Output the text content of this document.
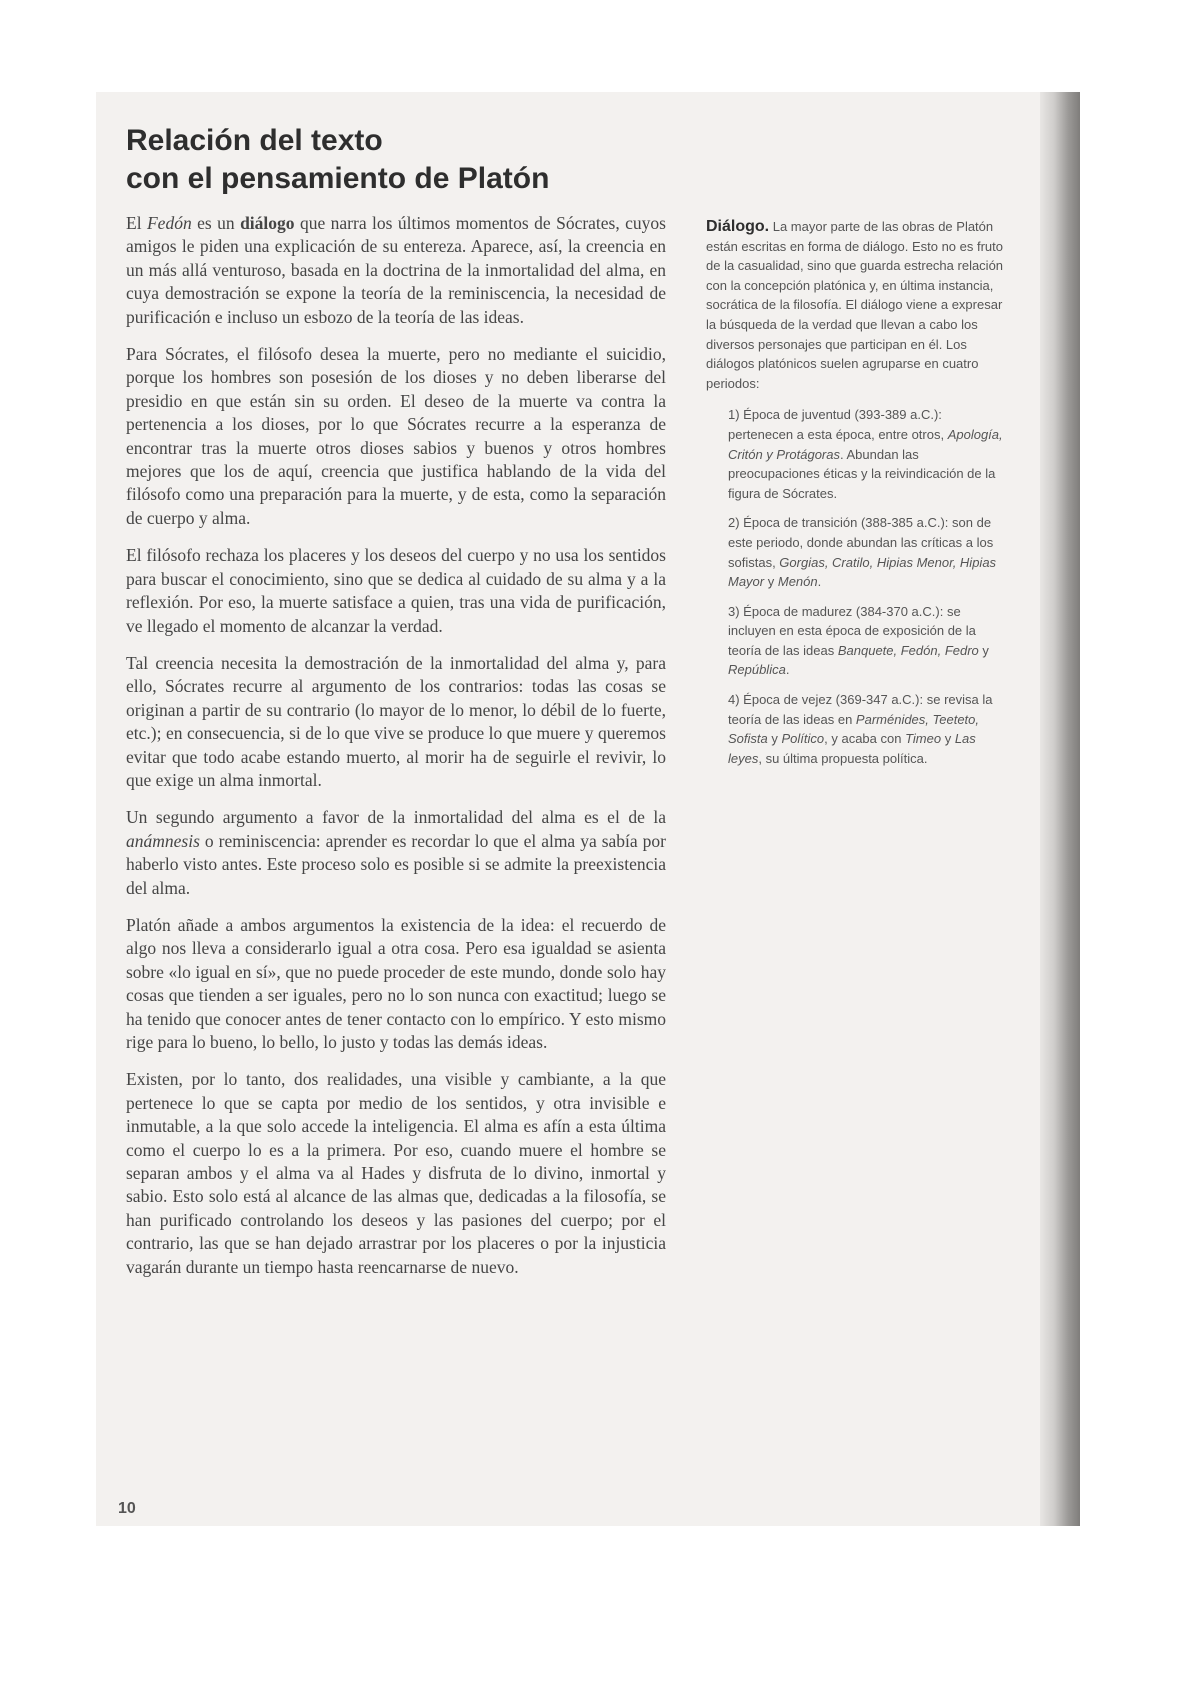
Relación del texto
con el pensamiento de Platón

El Fedón es un diálogo que narra los últimos momentos de Sócrates, cuyos amigos le piden una explicación de su entereza. Aparece, así, la creencia en un más allá venturoso, basada en la doctrina de la inmortalidad del alma, en cuya demostración se expone la teoría de la reminiscencia, la necesidad de purificación e incluso un esbozo de la teoría de las ideas.

Para Sócrates, el filósofo desea la muerte, pero no mediante el suicidio, porque los hombres son posesión de los dioses y no deben liberarse del presidio en que están sin su orden. El deseo de la muerte va contra la pertenencia a los dioses, por lo que Sócrates recurre a la esperanza de encontrar tras la muerte otros dioses sabios y buenos y otros hombres mejores que los de aquí, creencia que justifica hablando de la vida del filósofo como una preparación para la muerte, y de esta, como la separación de cuerpo y alma.

El filósofo rechaza los placeres y los deseos del cuerpo y no usa los sentidos para buscar el conocimiento, sino que se dedica al cuidado de su alma y a la reflexión. Por eso, la muerte satisface a quien, tras una vida de purificación, ve llegado el momento de alcanzar la verdad.

Tal creencia necesita la demostración de la inmortalidad del alma y, para ello, Sócrates recurre al argumento de los contrarios: todas las cosas se originan a partir de su contrario (lo mayor de lo menor, lo débil de lo fuerte, etc.); en consecuencia, si de lo que vive se produce lo que muere y queremos evitar que todo acabe estando muerto, al morir ha de seguirle el revivir, lo que exige un alma inmortal.

Un segundo argumento a favor de la inmortalidad del alma es el de la anámnesis o reminiscencia: aprender es recordar lo que el alma ya sabía por haberlo visto antes. Este proceso solo es posible si se admite la preexistencia del alma.

Platón añade a ambos argumentos la existencia de la idea: el recuerdo de algo nos lleva a considerarlo igual a otra cosa. Pero esa igualdad se asienta sobre «lo igual en sí», que no puede proceder de este mundo, donde solo hay cosas que tienden a ser iguales, pero no lo son nunca con exactitud; luego se ha tenido que conocer antes de tener contacto con lo empírico. Y esto mismo rige para lo bueno, lo bello, lo justo y todas las demás ideas.

Existen, por lo tanto, dos realidades, una visible y cambiante, a la que pertenece lo que se capta por medio de los sentidos, y otra invisible e inmutable, a la que solo accede la inteligencia. El alma es afín a esta última como el cuerpo lo es a la primera. Por eso, cuando muere el hombre se separan ambos y el alma va al Hades y disfruta de lo divino, inmortal y sabio. Esto solo está al alcance de las almas que, dedicadas a la filosofía, se han purificado controlando los deseos y las pasiones del cuerpo; por el contrario, las que se han dejado arrastrar por los placeres o por la injusticia vagarán durante un tiempo hasta reencarnarse de nuevo.

Diálogo. La mayor parte de las obras de Platón están escritas en forma de diálogo. Esto no es fruto de la casualidad, sino que guarda estrecha relación con la concepción platónica y, en última instancia, socrática de la filosofía. El diálogo viene a expresar la búsqueda de la verdad que llevan a cabo los diversos personajes que participan en él. Los diálogos platónicos suelen agruparse en cuatro periodos:

1) Época de juventud (393-389 a.C.): pertenecen a esta época, entre otros, Apología, Critón y Protágoras. Abundan las preocupaciones éticas y la reivindicación de la figura de Sócrates.
2) Época de transición (388-385 a.C.): son de este periodo, donde abundan las críticas a los sofistas, Gorgias, Cratilo, Hipias Menor, Hipias Mayor y Menón.
3) Época de madurez (384-370 a.C.): se incluyen en esta época de exposición de la teoría de las ideas Banquete, Fedón, Fedro y República.
4) Época de vejez (369-347 a.C.): se revisa la teoría de las ideas en Parménides, Teeteto, Sofista y Político, y acaba con Timeo y Las leyes, su última propuesta política.
10
